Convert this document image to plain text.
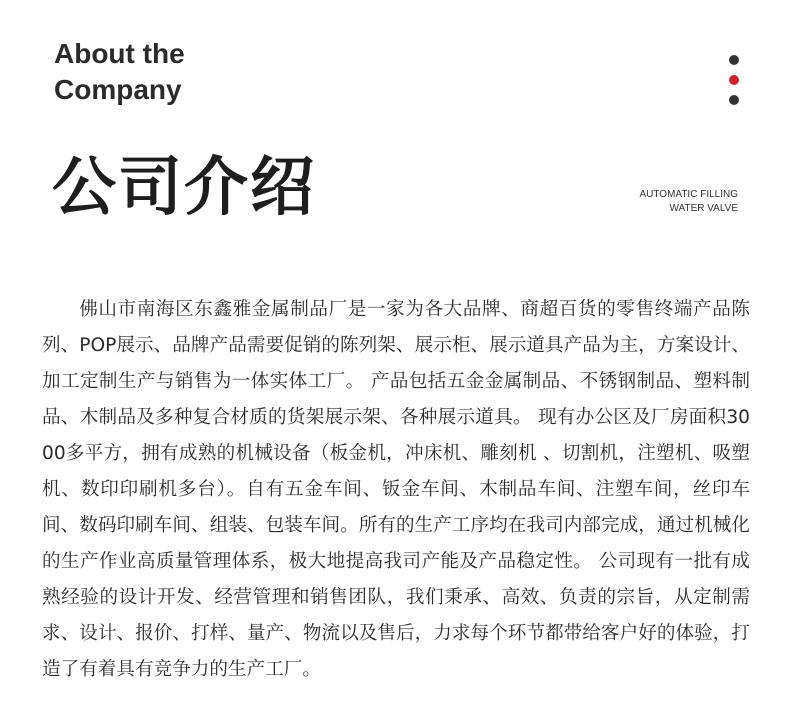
About the
Company
公司介绍	AUTOMATIC FILLING
WATER VALVE

佛山市南海区东鑫雅金属制品厂是一家为各大品牌、商超百货的零售终端产品陈列、POP展示、品牌产品需要促销的陈列架、展示柜、展示道具产品为主，方案设计、加工定制生产与销售为一体实体工厂。 产品包括五金金属制品、不锈钢制品、塑料制品、木制品及多种复合材质的货架展示架、各种展示道具。 现有办公区及厂房面积3000多平方，拥有成熟的机械设备（板金机，冲床机、雕刻机 、切割机，注塑机、吸塑机、数印印刷机多台）。自有五金车间、钣金车间、木制品车间、注塑车间，丝印车间、数码印刷车间、组装、包装车间。所有的生产工序均在我司内部完成，通过机械化的生产作业高质量管理体系，极大地提高我司产能及产品稳定性。 公司现有一批有成熟经验的设计开发、经营管理和销售团队，我们秉承、高效、负责的宗旨，从定制需求、设计、报价、打样、量产、物流以及售后，力求每个环节都带给客户好的体验，打造了有着具有竞争力的生产工厂。
